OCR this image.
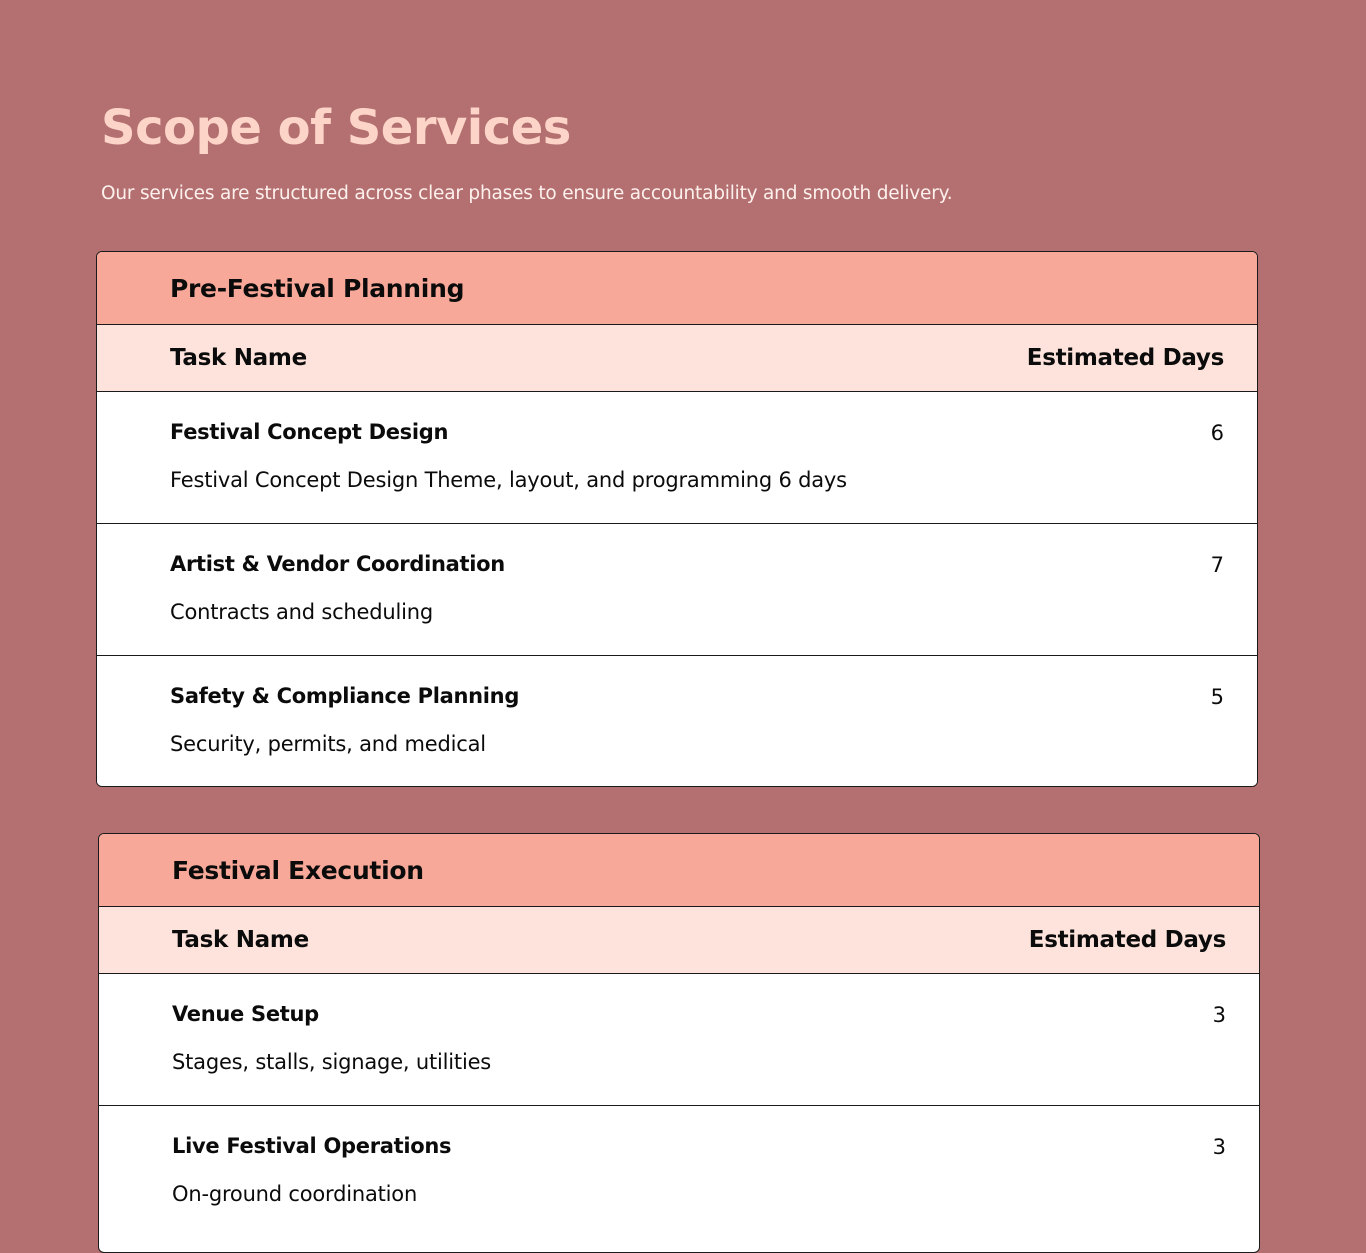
Scope of Services

Our services are structured across clear phases to ensure accountability and smooth delivery.

Pre-Festival Planning
Task Name	Estimated Days
Festival Concept Design
Festival Concept Design Theme, layout, and programming 6 days
6
Artist & Vendor Coordination
Contracts and scheduling
7
Safety & Compliance Planning
Security, permits, and medical
5
Festival Execution
Task Name	Estimated Days
Venue Setup
Stages, stalls, signage, utilities
3
Live Festival Operations
On-ground coordination
3
